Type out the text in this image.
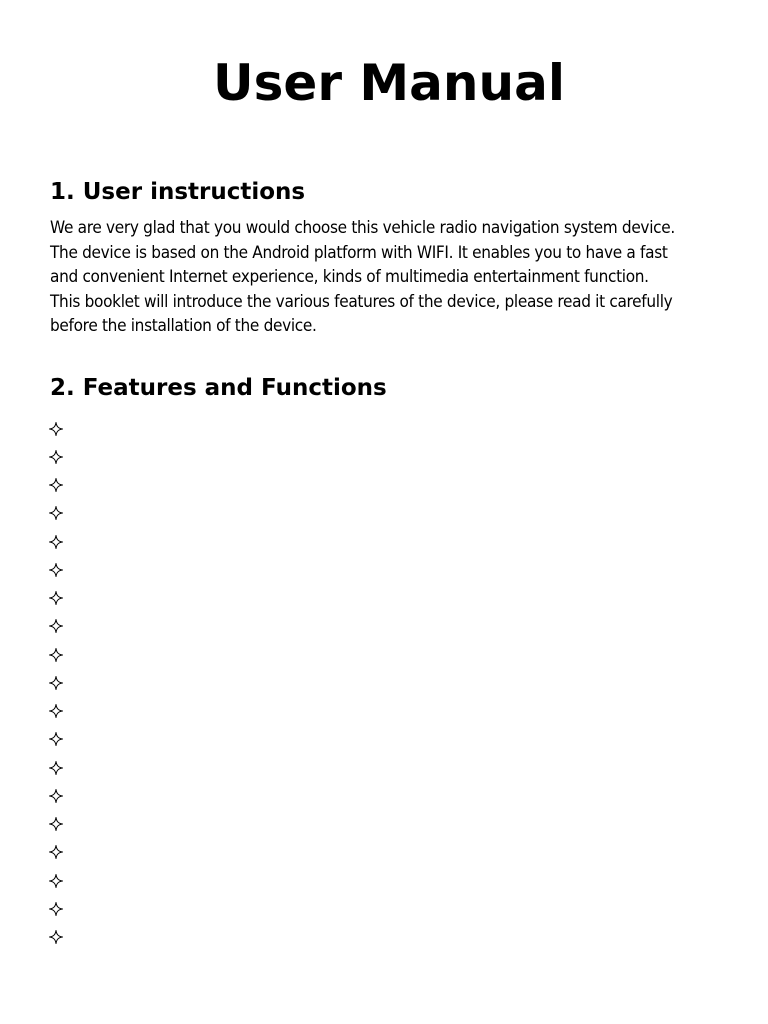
User Manual
1. User instructions

We are very glad that you would choose this vehicle radio navigation system device.
The device is based on the Android platform with WIFI. It enables you to have a fast
and convenient Internet experience, kinds of multimedia entertainment function.
This booklet will introduce the various features of the device, please read it carefully
before the installation of the device.

2. Features and Functions
